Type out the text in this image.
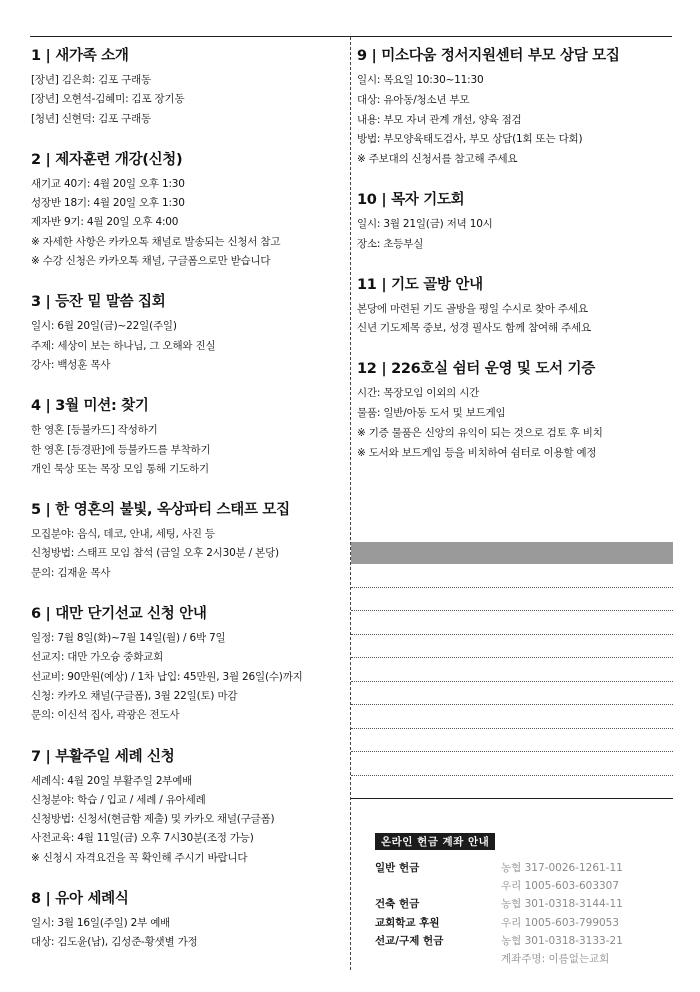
1 | 새가족 소개
[장년] 김은희: 김포 구래동
[장년] 오현석-김혜미: 김포 장기동
[청년] 신현덕: 김포 구래동
2 | 제자훈련 개강(신청)
새기교 40기: 4월 20일 오후 1:30
성장반 18기: 4월 20일 오후 1:30
제자반 9기: 4월 20일 오후 4:00
※ 자세한 사항은 카카오톡 채널로 발송되는 신청서 참고
※ 수강 신청은 카카오톡 채널, 구글폼으로만 받습니다
3 | 등잔 밑 말씀 집회
일시: 6월 20일(금)~22일(주일)
주제: 세상이 보는 하나님, 그 오해와 진실
강사: 백성훈 목사
4 | 3월 미션: 찾기
한 영혼 [등불카드] 작성하기
한 영혼 [등경판]에 등불카드를 부착하기
개인 묵상 또는 목장 모임 통해 기도하기
5 | 한 영혼의 불빛, 옥상파티 스태프 모집
모집분야: 음식, 데코, 안내, 세팅, 사진 등
신청방법: 스태프 모임 참석 (금일 오후 2시30분 / 본당)
문의: 김재윤 목사
6 | 대만 단기선교 신청 안내
일정: 7월 8일(화)~7월 14일(월) / 6박 7일
선교지: 대만 가오슝 중화교회
선교비: 90만원(예상) / 1차 납입: 45만원, 3월 26일(수)까지
신청: 카카오 채널(구글폼), 3월 22일(토) 마감
문의: 이신석 집사, 곽광은 전도사
7 | 부활주일 세례 신청
세례식: 4월 20일 부활주일 2부예배
신청분야: 학습 / 입교 / 세례 / 유아세례
신청방법: 신청서(현금함 제출) 및 카카오 채널(구글폼)
사전교육: 4월 11일(금) 오후 7시30분(조정 가능)
※ 신청시 자격요건을 꼭 확인해 주시기 바랍니다
8 | 유아 세례식
일시: 3월 16일(주일) 2부 예배
대상: 김도윤(남), 김성준-황샛별 가정
9 | 미소다움 정서지원센터 부모 상담 모집
일시: 목요일 10:30~11:30
대상: 유아동/청소년 부모
내용: 부모 자녀 관계 개선, 양육 점검
방법: 부모양육태도검사, 부모 상담(1회 또는 다회)
※ 주보대의 신청서를 참고해 주세요
10 | 목자 기도회
일시: 3월 21일(금) 저녁 10시
장소: 초등부실
11 | 기도 골방 안내
본당에 마련된 기도 골방을 평일 수시로 찾아 주세요
신년 기도제목 중보, 성경 필사도 함께 참여해 주세요
12 | 226호실 쉼터 운영 및 도서 기증
시간: 목장모임 이외의 시간
물품: 일반/아동 도서 및 보드게임
※ 기증 물품은 신앙의 유익이 되는 것으로 검토 후 비치
※ 도서와 보드게임 등을 비치하여 쉼터로 이용할 예정
온라인 헌금 계좌 안내
일반 헌금	농협 317-0026-1261-11
우리 1005-603-603307
건축 헌금	농협 301-0318-3144-11
교회학교 후원	우리 1005-603-799053
선교/구제 헌금	농협 301-0318-3133-21
계좌주명: 이름없는교회
